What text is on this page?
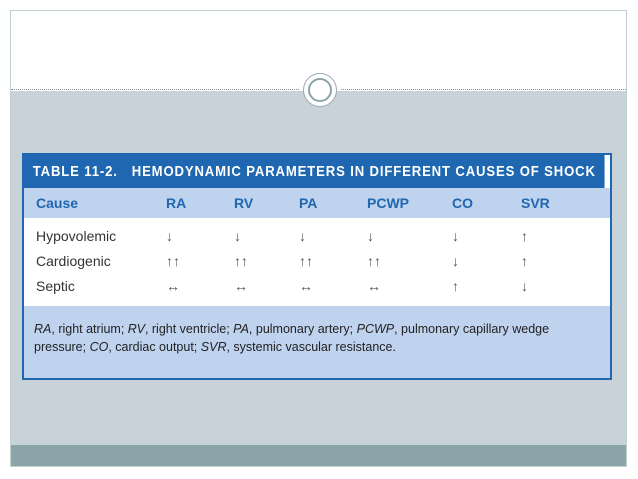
TABLE 11-2. HEMODYNAMIC PARAMETERS IN DIFFERENT CAUSES OF SHOCK
Cause	RA	RV	PA	PCWP	CO	SVR
Hypovolemic	↓	↓	↓	↓	↓	↑
Cardiogenic	↑↑	↑↑	↑↑	↑↑	↓	↑
Septic	↔	↔	↔	↔	↑	↓
RA, right atrium; RV, right ventricle; PA, pulmonary artery; PCWP, pulmonary capillary wedge pressure; CO, cardiac output; SVR, systemic vascular resistance.
